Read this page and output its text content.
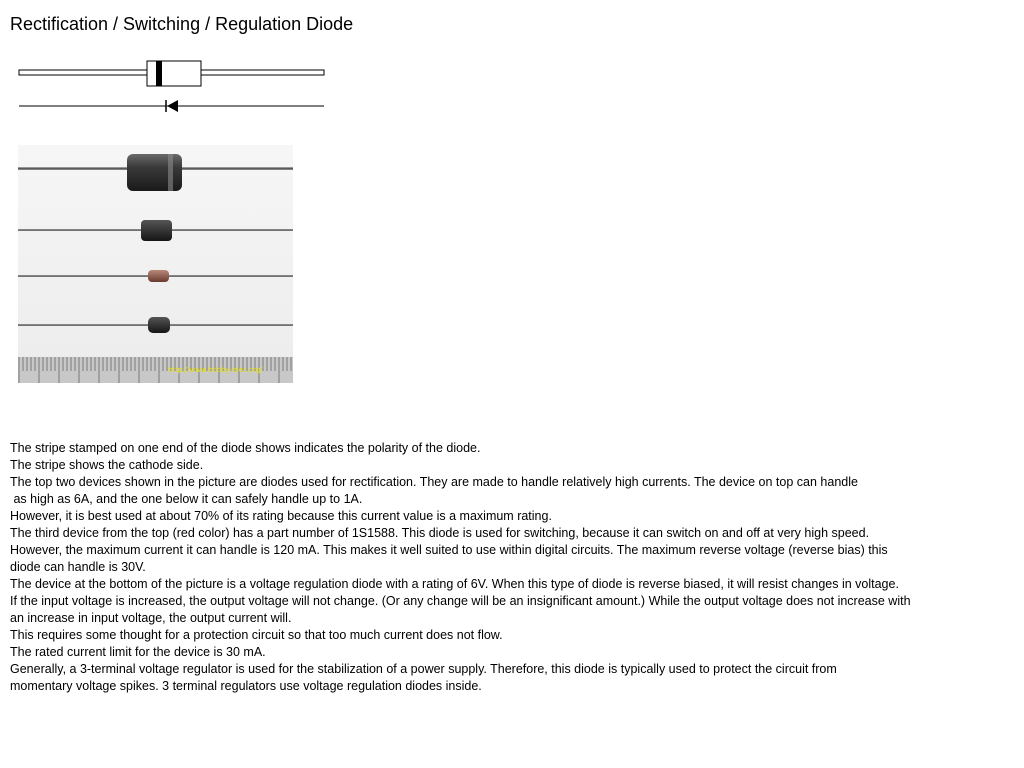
Rectification / Switching / Regulation Diode
http://www.hobby-elec.org/

The stripe stamped on one end of the diode shows indicates the polarity of the diode.

The stripe shows the cathode side.

The top two devices shown in the picture are diodes used for rectification. They are made to handle relatively high currents. The device on top can handle

as high as 6A, and the one below it can safely handle up to 1A.

However, it is best used at about 70% of its rating because this current value is a maximum rating.

The third device from the top (red color) has a part number of 1S1588. This diode is used for switching, because it can switch on and off at very high speed.

However, the maximum current it can handle is 120 mA. This makes it well suited to use within digital circuits. The maximum reverse voltage (reverse bias) this

diode can handle is 30V.

The device at the bottom of the picture is a voltage regulation diode with a rating of 6V. When this type of diode is reverse biased, it will resist changes in voltage.

If the input voltage is increased, the output voltage will not change. (Or any change will be an insignificant amount.) While the output voltage does not increase with

an increase in input voltage, the output current will.

This requires some thought for a protection circuit so that too much current does not flow.

The rated current limit for the device is 30 mA.

Generally, a 3-terminal voltage regulator is used for the stabilization of a power supply. Therefore, this diode is typically used to protect the circuit from

momentary voltage spikes. 3 terminal regulators use voltage regulation diodes inside.
